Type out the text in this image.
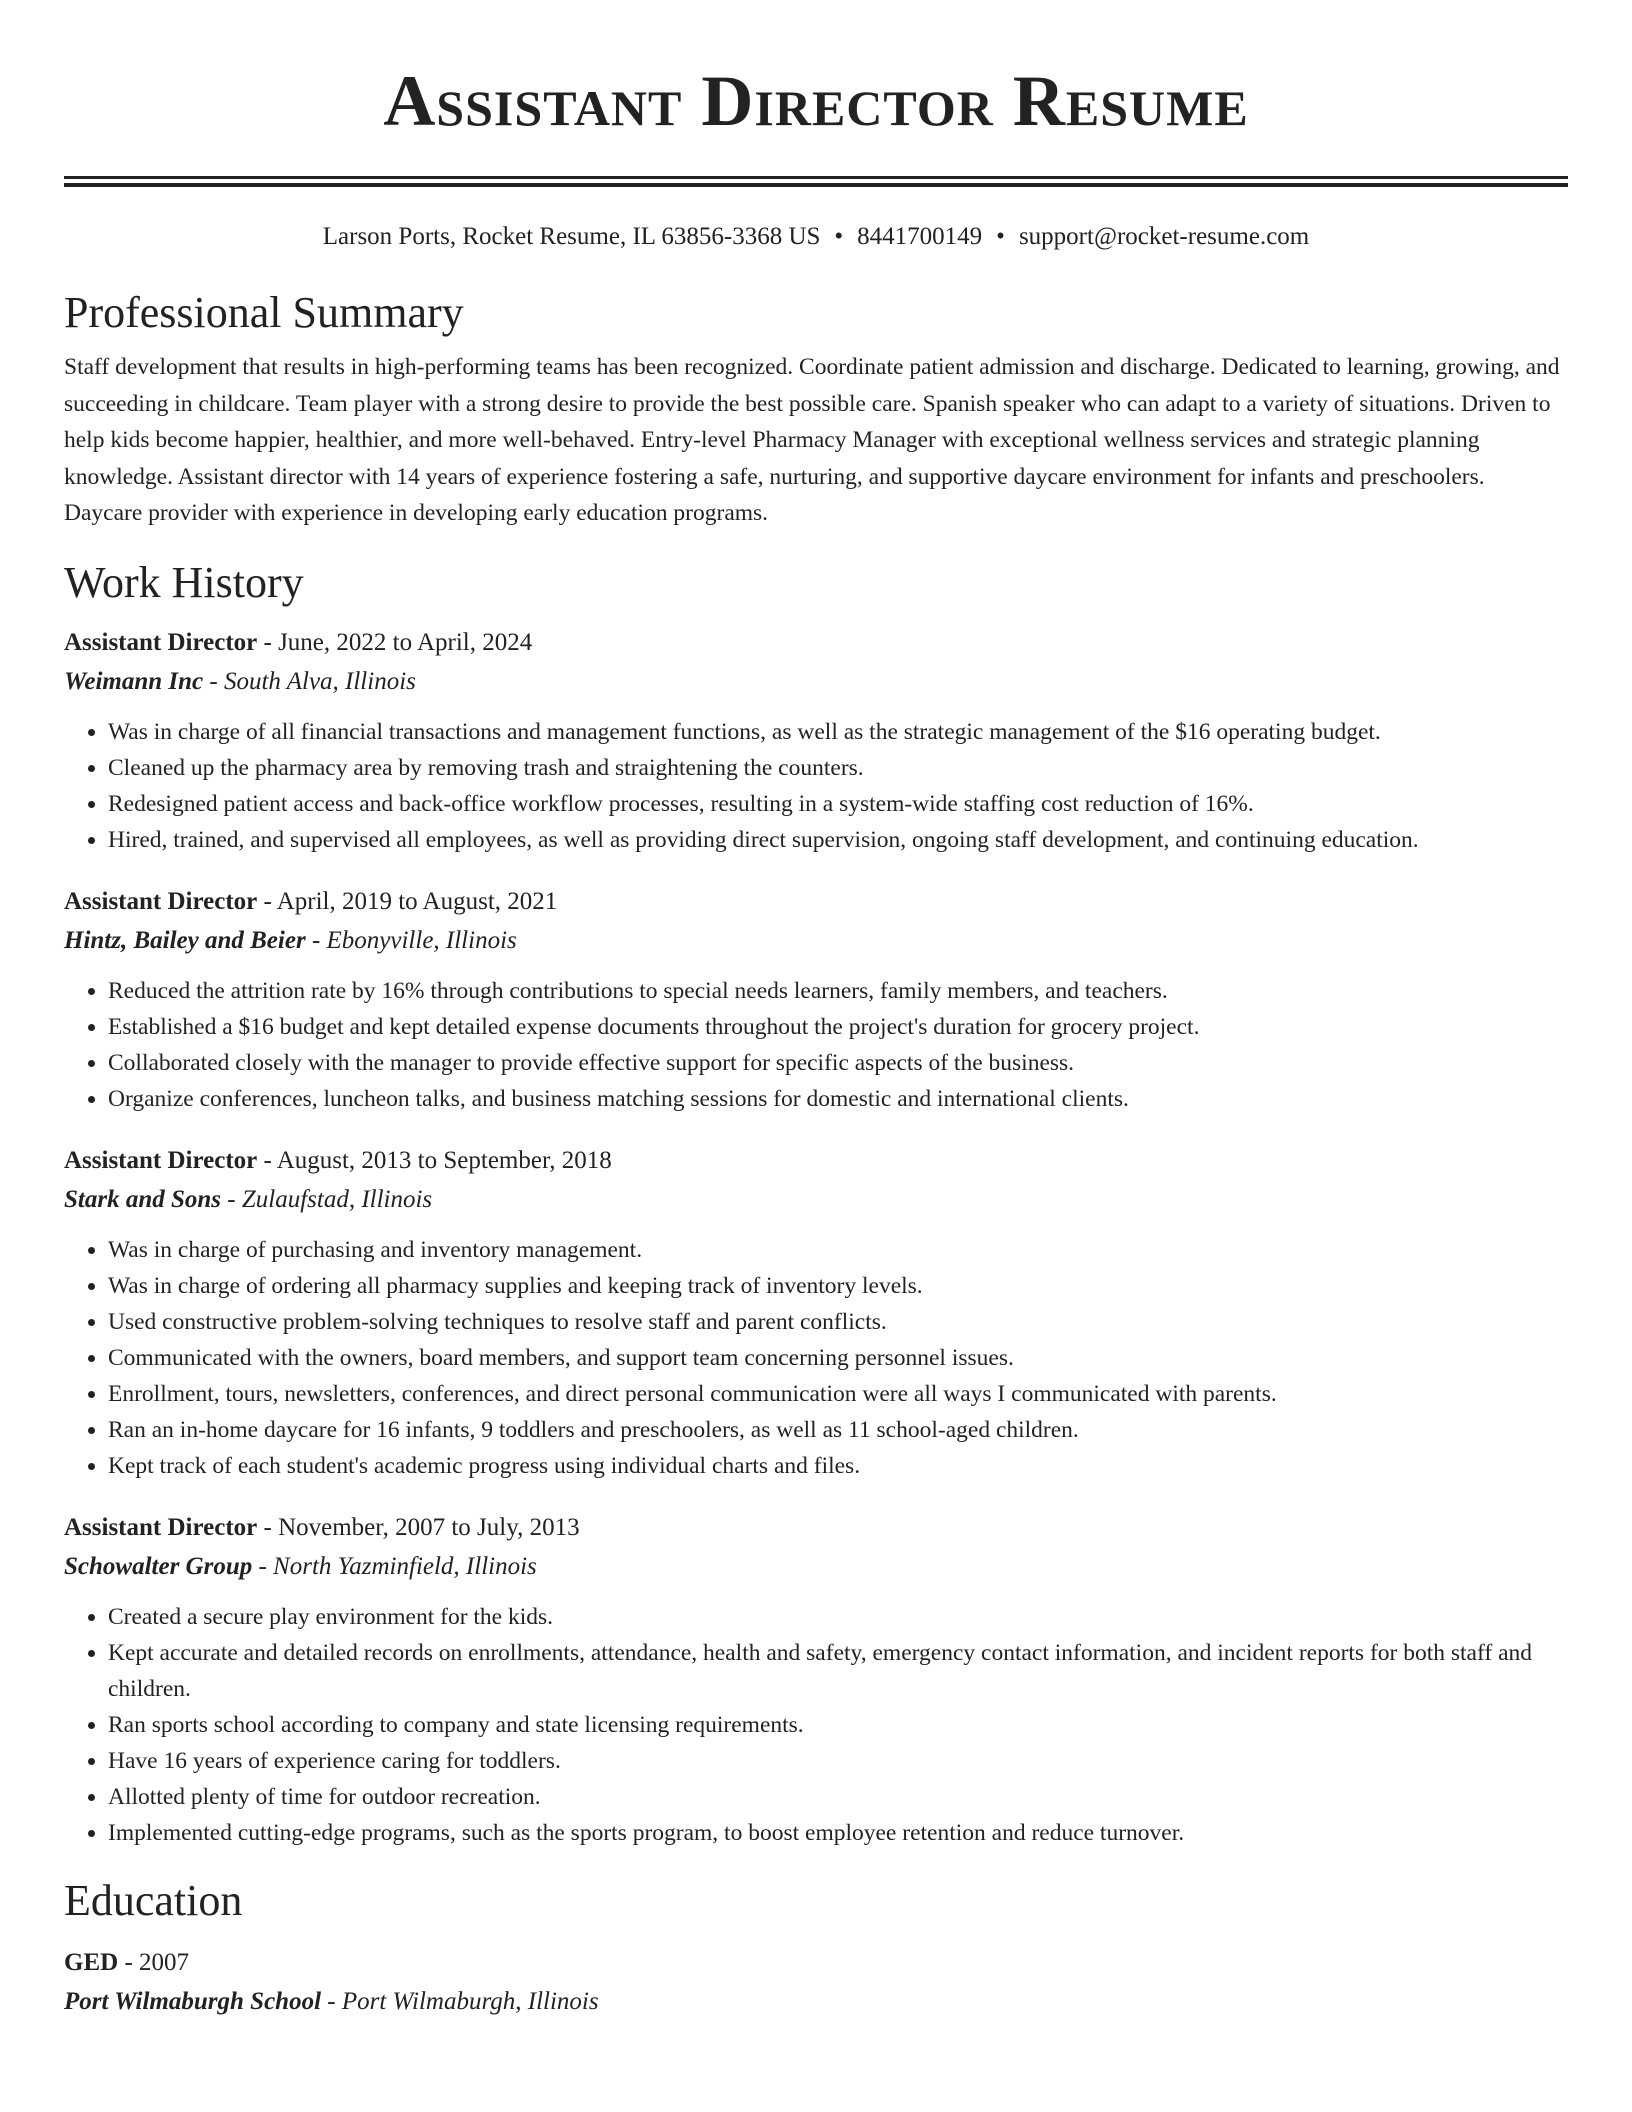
Assistant Director Resume
Larson Ports, Rocket Resume, IL 63856-3368 US • 8441700149 • support@rocket-resume.com
Professional Summary

Staff development that results in high-performing teams has been recognized. Coordinate patient admission and discharge. Dedicated to learning, growing, and succeeding in childcare. Team player with a strong desire to provide the best possible care. Spanish speaker who can adapt to a variety of situations. Driven to help kids become happier, healthier, and more well-behaved. Entry-level Pharmacy Manager with exceptional wellness services and strategic planning knowledge. Assistant director with 14 years of experience fostering a safe, nurturing, and supportive daycare environment for infants and preschoolers. Daycare provider with experience in developing early education programs.

Work History
Assistant Director - June, 2022 to April, 2024
Weimann Inc - South Alva, Illinois
• Was in charge of all financial transactions and management functions, as well as the strategic management of the $16 operating budget.
• Cleaned up the pharmacy area by removing trash and straightening the counters.
• Redesigned patient access and back-office workflow processes, resulting in a system-wide staffing cost reduction of 16%.
• Hired, trained, and supervised all employees, as well as providing direct supervision, ongoing staff development, and continuing education.
Assistant Director - April, 2019 to August, 2021
Hintz, Bailey and Beier - Ebonyville, Illinois
• Reduced the attrition rate by 16% through contributions to special needs learners, family members, and teachers.
• Established a $16 budget and kept detailed expense documents throughout the project's duration for grocery project.
• Collaborated closely with the manager to provide effective support for specific aspects of the business.
• Organize conferences, luncheon talks, and business matching sessions for domestic and international clients.
Assistant Director - August, 2013 to September, 2018
Stark and Sons - Zulaufstad, Illinois
• Was in charge of purchasing and inventory management.
• Was in charge of ordering all pharmacy supplies and keeping track of inventory levels.
• Used constructive problem-solving techniques to resolve staff and parent conflicts.
• Communicated with the owners, board members, and support team concerning personnel issues.
• Enrollment, tours, newsletters, conferences, and direct personal communication were all ways I communicated with parents.
• Ran an in-home daycare for 16 infants, 9 toddlers and preschoolers, as well as 11 school-aged children.
• Kept track of each student's academic progress using individual charts and files.
Assistant Director - November, 2007 to July, 2013
Schowalter Group - North Yazminfield, Illinois
• Created a secure play environment for the kids.
• Kept accurate and detailed records on enrollments, attendance, health and safety, emergency contact information, and incident reports for both staff and children.
• Ran sports school according to company and state licensing requirements.
• Have 16 years of experience caring for toddlers.
• Allotted plenty of time for outdoor recreation.
• Implemented cutting-edge programs, such as the sports program, to boost employee retention and reduce turnover.
Education
GED - 2007
Port Wilmaburgh School - Port Wilmaburgh, Illinois
